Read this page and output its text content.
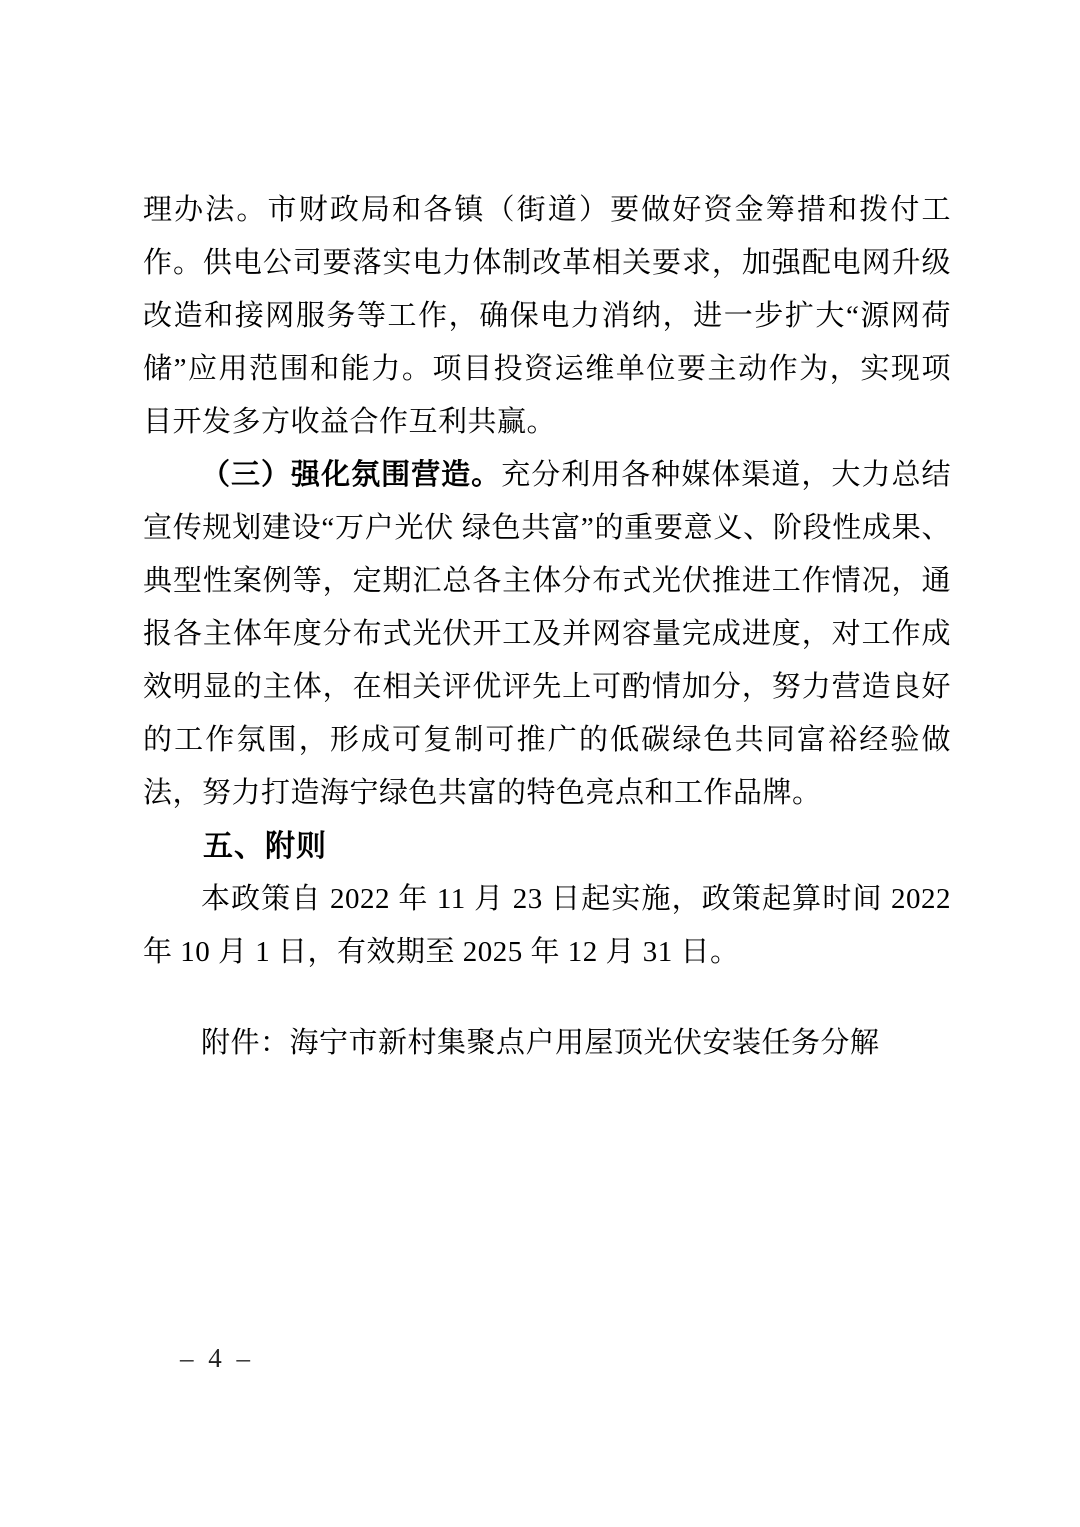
理办法。市财政局和各镇（街道）要做好资金筹措和拨付工作。供电公司要落实电力体制改革相关要求，加强配电网升级改造和接网服务等工作，确保电力消纳，进一步扩大“源网荷储”应用范围和能力。项目投资运维单位要主动作为，实现项目开发多方收益合作互利共赢。

（三）强化氛围营造。充分利用各种媒体渠道，大力总结宣传规划建设“万户光伏 绿色共富”的重要意义、阶段性成果、典型性案例等，定期汇总各主体分布式光伏推进工作情况，通报各主体年度分布式光伏开工及并网容量完成进度，对工作成效明显的主体，在相关评优评先上可酌情加分，努力营造良好的工作氛围，形成可复制可推广的低碳绿色共同富裕经验做法，努力打造海宁绿色共富的特色亮点和工作品牌。

五、附则

本政策自 2022 年 11 月 23 日起实施，政策起算时间 2022 年 10 月 1 日，有效期至 2025 年 12 月 31 日。

附件：海宁市新村集聚点户用屋顶光伏安装任务分解

– 4 –
